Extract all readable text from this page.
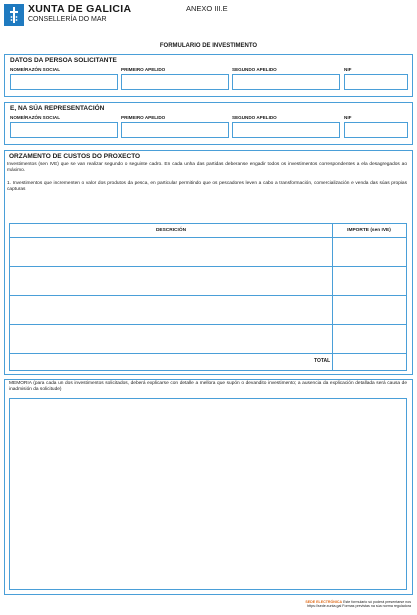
XUNTA DE GALICIA
CONSELLERÍA DO MAR
ANEXO III.E
FORMULARIO DE INVESTIMENTO
DATOS DA PERSOA SOLICITANTE
NOME/RAZÓN SOCIAL	PRIMEIRO APELIDO	SEGUNDO APELIDO	NIF
E, NA SÚA REPRESENTACIÓN
NOME/RAZÓN SOCIAL	PRIMEIRO APELIDO	SEGUNDO APELIDO	NIF
ORZAMENTO DE CUSTOS DO PROXECTO
Investimentos (sen IVE) que se van realizar segundo o seguinte cadro. En cada unha das partidas deberanse engadir todos os investimentos correspondentes a ela desagregados ao máximo.
1. Investimentos que incrementen o valor dos produtos da pesca, en particular permitindo que os pescadores leven a cabo a transformación, comercialización e venda das súas propias capturas
DESCRICIÓN	IMPORTE (sen IVE)
TOTAL
MEMORIA (para cada un dos investimentos solicitados, deberá explicarse con detalle a mellora que supón o devandito investimento; a ausencia da explicación detallada será causa de inadmisión da solicitude)
SEDE ELECTRÓNICA Este formulario só poderá presentarse nos
https://sede.xunta.gal Formas previstas na súa norma reguladora
